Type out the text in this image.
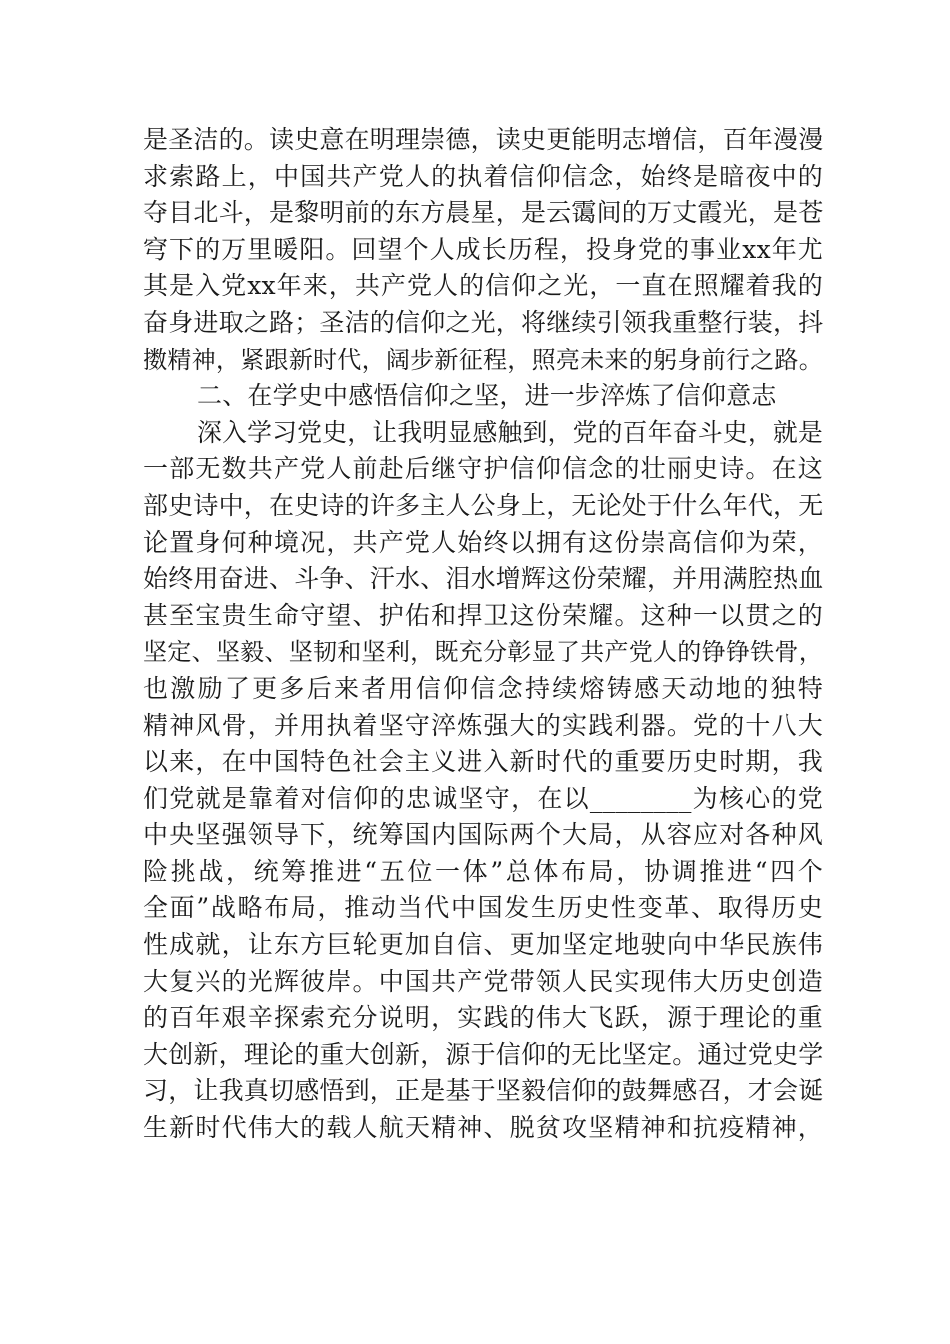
是圣洁的。读史意在明理崇德，读史更能明志增信，百年漫漫
求索路上，中国共产党人的执着信仰信念，始终是暗夜中的
夺目北斗，是黎明前的东方晨星，是云霭间的万丈霞光，是苍
穹下的万里暖阳。回望个人成长历程，投身党的事业xx年尤
其是入党xx年来，共产党人的信仰之光，一直在照耀着我的
奋身进取之路；圣洁的信仰之光，将继续引领我重整行装，抖
擞精神，紧跟新时代，阔步新征程，照亮未来的躬身前行之路。
二、在学史中感悟信仰之坚，进一步淬炼了信仰意志
深入学习党史，让我明显感触到，党的百年奋斗史，就是
一部无数共产党人前赴后继守护信仰信念的壮丽史诗。在这
部史诗中，在史诗的许多主人公身上，无论处于什么年代，无
论置身何种境况，共产党人始终以拥有这份崇高信仰为荣，
始终用奋进、斗争、汗水、泪水增辉这份荣耀，并用满腔热血
甚至宝贵生命守望、护佑和捍卫这份荣耀。这种一以贯之的
坚定、坚毅、坚韧和坚利，既充分彰显了共产党人的铮铮铁骨，
也激励了更多后来者用信仰信念持续熔铸感天动地的独特
精神风骨，并用执着坚守淬炼强大的实践利器。党的十八大
以来，在中国特色社会主义进入新时代的重要历史时期，我
们党就是靠着对信仰的忠诚坚守，在以________为核心的党
中央坚强领导下，统筹国内国际两个大局，从容应对各种风
险挑战，统筹推进“五位一体”总体布局，协调推进“四个
全面”战略布局，推动当代中国发生历史性变革、取得历史
性成就，让东方巨轮更加自信、更加坚定地驶向中华民族伟
大复兴的光辉彼岸。中国共产党带领人民实现伟大历史创造
的百年艰辛探索充分说明，实践的伟大飞跃，源于理论的重
大创新，理论的重大创新，源于信仰的无比坚定。通过党史学
习，让我真切感悟到，正是基于坚毅信仰的鼓舞感召，才会诞
生新时代伟大的载人航天精神、脱贫攻坚精神和抗疫精神，
